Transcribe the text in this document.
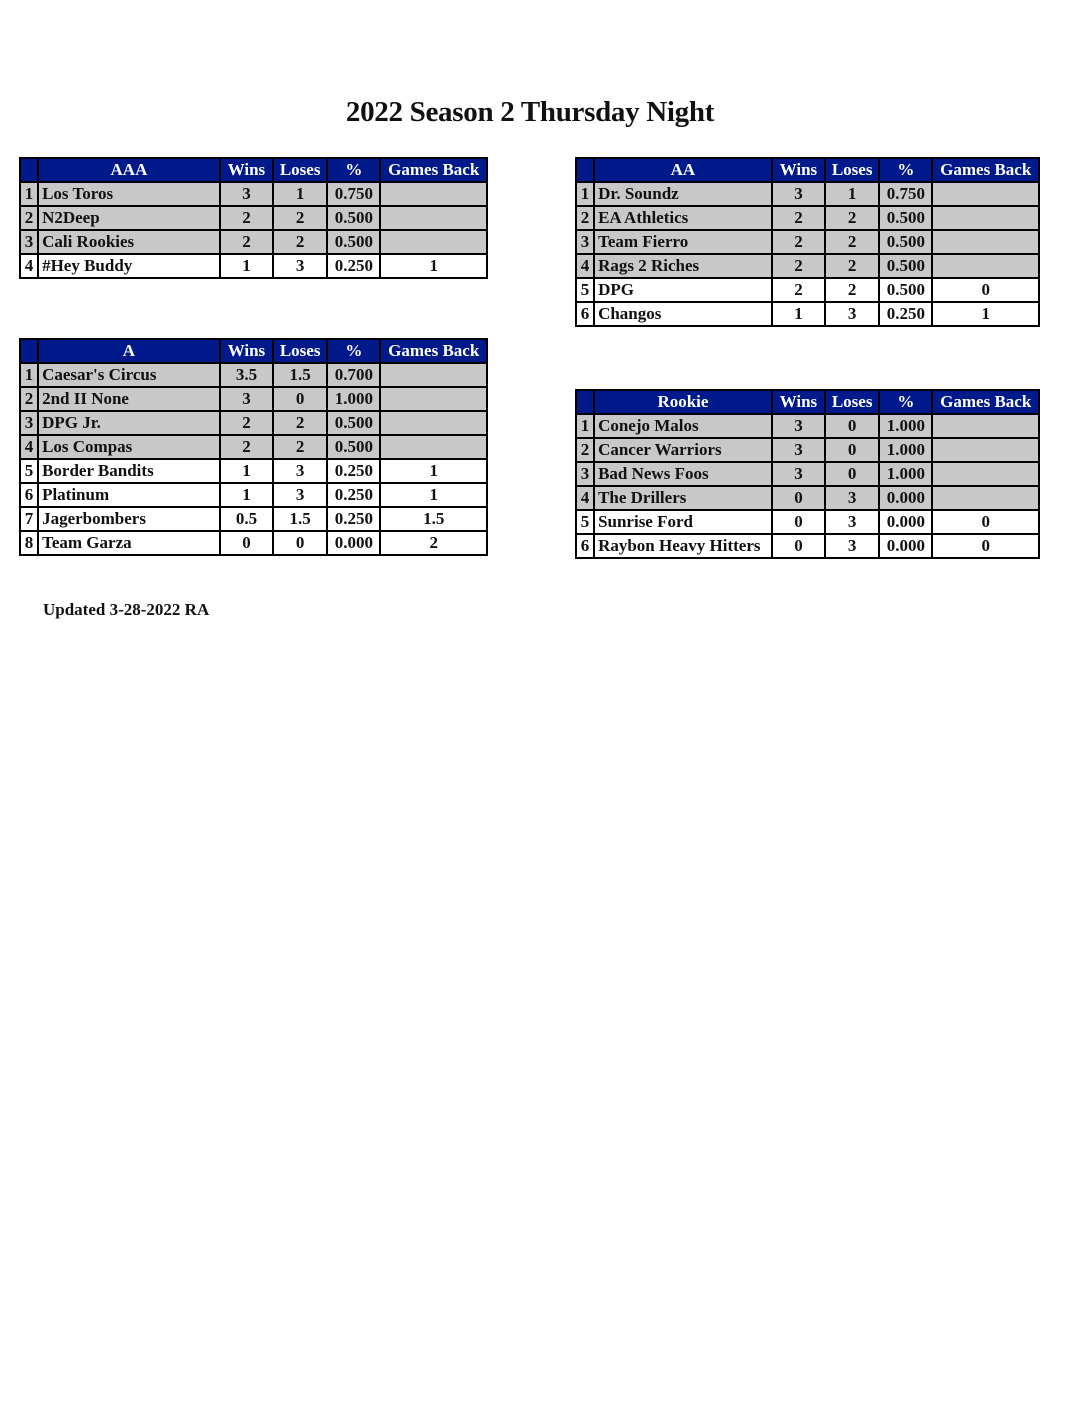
2022 Season 2 Thursday Night
	AAA	Wins	Loses	%	Games Back
1	Los Toros	3	1	0.750	
2	N2Deep	2	2	0.500	
3	Cali Rookies	2	2	0.500	
4	#Hey Buddy	1	3	0.250	1
	AA	Wins	Loses	%	Games Back
1	Dr. Soundz	3	1	0.750	
2	EA Athletics	2	2	0.500	
3	Team Fierro	2	2	0.500	
4	Rags 2 Riches	2	2	0.500	
5	DPG	2	2	0.500	0
6	Changos	1	3	0.250	1
	A	Wins	Loses	%	Games Back
1	Caesar's Circus	3.5	1.5	0.700	
2	2nd II None	3	0	1.000	
3	DPG Jr.	2	2	0.500	
4	Los Compas	2	2	0.500	
5	Border Bandits	1	3	0.250	1
6	Platinum	1	3	0.250	1
7	Jagerbombers	0.5	1.5	0.250	1.5
8	Team Garza	0	0	0.000	2
	Rookie	Wins	Loses	%	Games Back
1	Conejo Malos	3	0	1.000	
2	Cancer Warriors	3	0	1.000	
3	Bad News Foos	3	0	1.000	
4	The Drillers	0	3	0.000	
5	Sunrise Ford	0	3	0.000	0
6	Raybon Heavy Hitters	0	3	0.000	0
Updated 3-28-2022 RA
